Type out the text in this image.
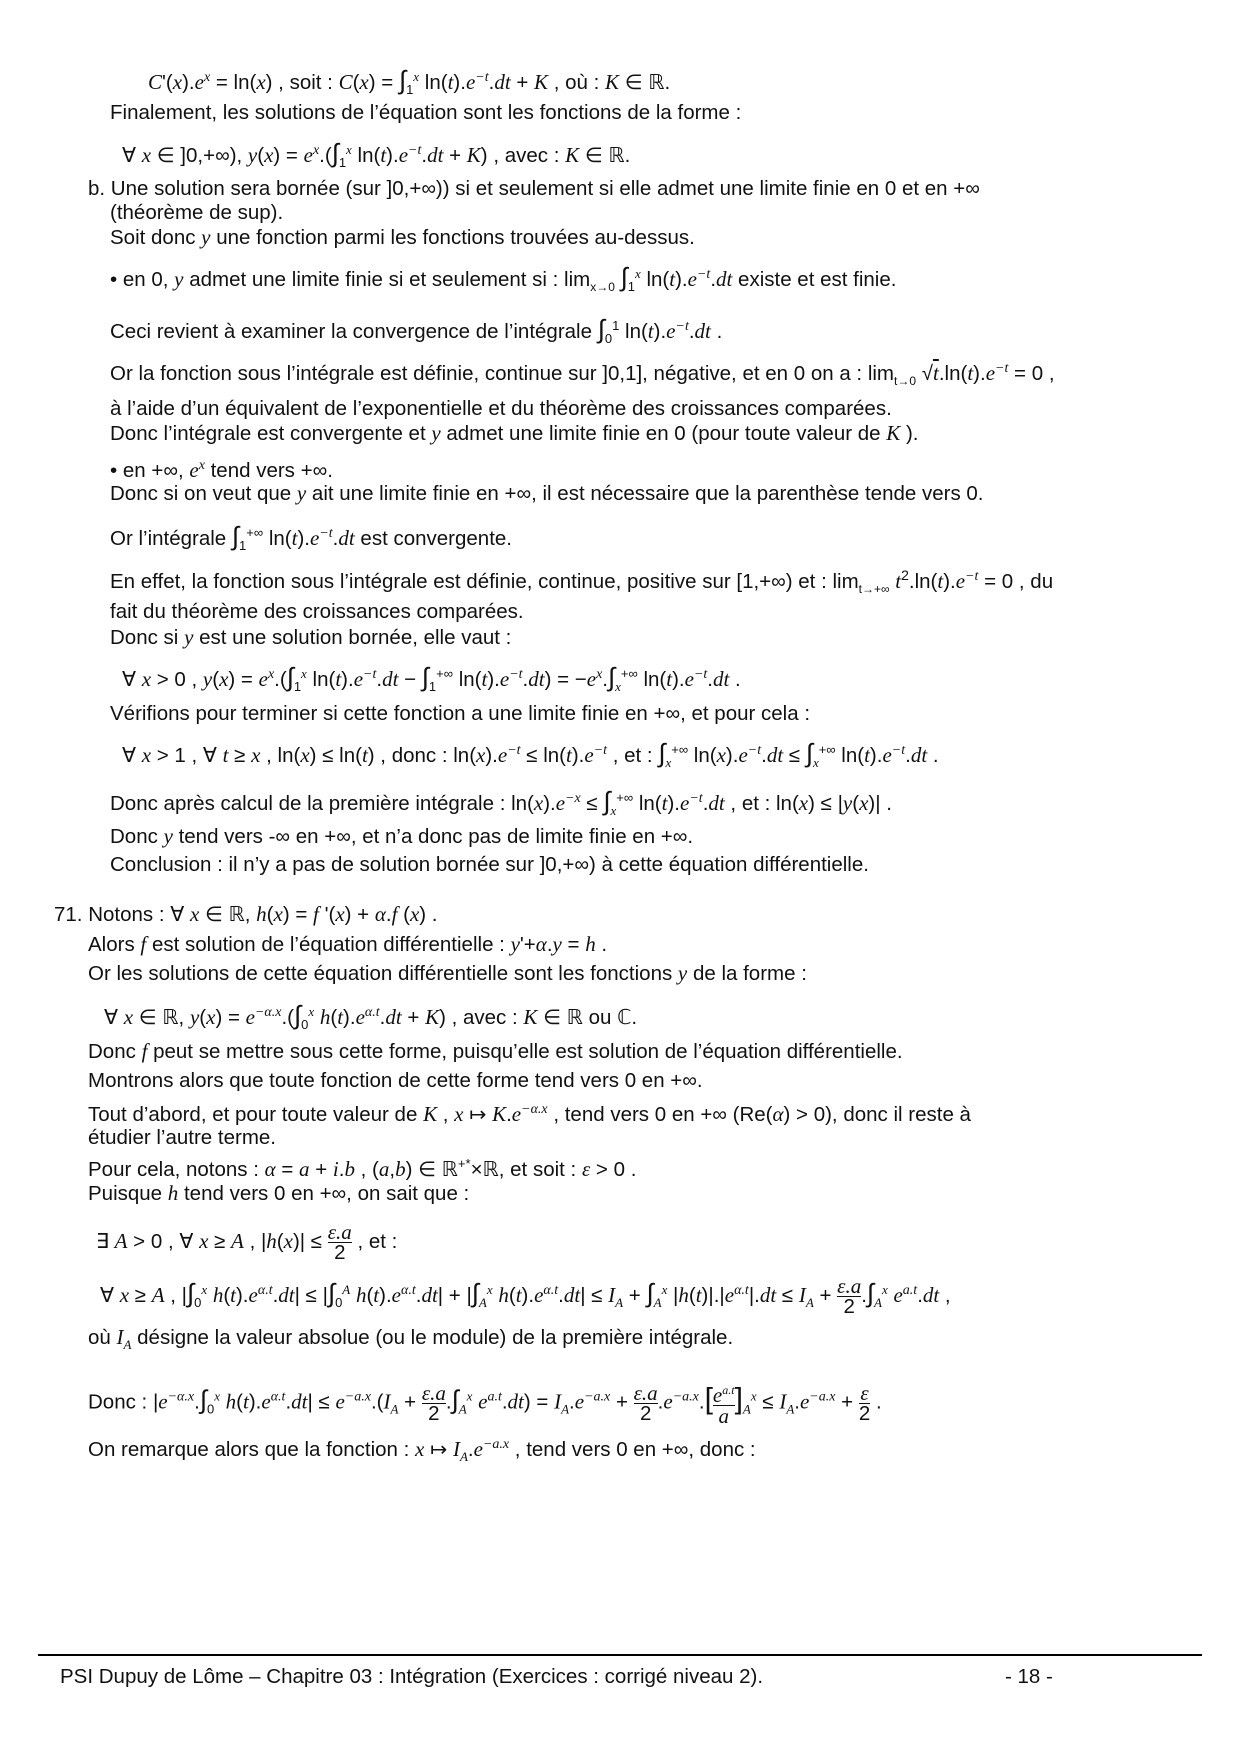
$C'(x).e^x = \ln(x)$ , soit : $C(x) = \int_1^x$ $\ln(t).e^{-t}.dt + K$ , où : K ∈ ℝ.
Finalement, les solutions de l’équation sont les fonctions de la forme :
∀ x ∈ ]0,+∞), $y(x) = e^x.(\int_1^x$ $\ln(t).e^{-t}.dt + K$) , avec : K ∈ ℝ.
b. Une solution sera bornée (sur ]0,+∞)) si et seulement si elle admet une limite finie en 0 et en +∞
(théorème de sup).
Soit donc y une fonction parmi les fonctions trouvées au-dessus.
• en 0, y admet une limite finie si et seulement si : $\lim_{x\to 0} \int_1^x$ $\ln(t).e^{-t}.dt$ existe et est finie.
Ceci revient à examiner la convergence de l’intégrale $\int_0^1$ $\ln(t).e^{-t}.dt$ .
Or la fonction sous l’intégrale est définie, continue sur ]0,1], négative, et en 0 on a : $\lim_{t\to 0} √t.\ln(t).e^{-t} = 0$ ,
à l’aide d’un équivalent de l’exponentielle et du théorème des croissances comparées.
Donc l’intégrale est convergente et y admet une limite finie en 0 (pour toute valeur de K ).
• en +∞, $e^x$ tend vers +∞.
Donc si on veut que y ait une limite finie en +∞, il est nécessaire que la parenthèse tende vers 0.
Or l’intégrale $\int_1^{+\infty}$ $\ln(t).e^{-t}.dt$ est convergente.
En effet, la fonction sous l’intégrale est définie, continue, positive sur [1,+∞) et : $\lim_{t\to+\infty} t^2.\ln(t).e^{-t} = 0$ , du
fait du théorème des croissances comparées.
Donc si y est une solution bornée, elle vaut :
∀ x > 0 , $y(x) = e^x.(\int_1^x$ $\ln(t).e^{-t}.dt - \int_1^{+\infty}$ $\ln(t).e^{-t}.dt) = -e^x.\int_x^{+\infty}$ $\ln(t).e^{-t}.dt$ .
Vérifions pour terminer si cette fonction a une limite finie en +∞, et pour cela :
∀ x > 1 , ∀ t ≥ x , ln(x) ≤ ln(t) , donc : $\ln(x).e^{-t} \le \ln(t).e^{-t}$ , et : $\int_x^{+\infty}$ $\ln(x).e^{-t}.dt \le \int_x^{+\infty}$ $\ln(t).e^{-t}.dt$ .
Donc après calcul de la première intégrale : $\ln(x).e^{-x} \le \int_x^{+\infty}$ $\ln(t).e^{-t}.dt$ , et : ln(x) ≤ |y(x)| .
Donc y tend vers -∞ en +∞, et n’a donc pas de limite finie en +∞.
Conclusion : il n’y a pas de solution bornée sur ]0,+∞) à cette équation différentielle.
71. Notons : ∀ x ∈ ℝ, h(x) = f '(x) + α.f (x) .
Alors f est solution de l’équation différentielle : y'+α.y = h .
Or les solutions de cette équation différentielle sont les fonctions y de la forme :
∀ x ∈ ℝ, $y(x) = e^{-\alpha.x}.(\int_0^x$ $h(t).e^{\alpha.t}.dt + K$) , avec : K ∈ ℝ ou ℂ.
Donc f peut se mettre sous cette forme, puisqu’elle est solution de l’équation différentielle.
Montrons alors que toute fonction de cette forme tend vers 0 en +∞.
Tout d’abord, et pour toute valeur de K , x ↦ $K.e^{-\alpha.x}$ , tend vers 0 en +∞ (Re(α) > 0), donc il reste à
étudier l’autre terme.
Pour cela, notons : α = a + i.b , (a,b) ∈ ℝ+*×ℝ, et soit : ε > 0 .
Puisque h tend vers 0 en +∞, on sait que :
∃ A > 0 , ∀ x ≥ A , $|h(x)| \le \frac{\varepsilon.a}{2}$ , et :
∀ x ≥ A , $|\int_0^x$ $h(t).e^{\alpha.t}.dt| \le |\int_0^A$ $h(t).e^{\alpha.t}.dt| + |\int_A^x$ $h(t).e^{\alpha.t}.dt| \le I_A + \int_A^x$ $|h(t)|.|e^{\alpha.t}|.dt \le I_A + \frac{\varepsilon.a}{2} .\int_A^x$ $e^{a.t}.dt$ ,
où $I_A$ désigne la valeur absolue (ou le module) de la première intégrale.
Donc : $|e^{-\alpha.x}.\int_0^x$ $h(t).e^{\alpha.t}.dt| \le e^{-a.x}.(I_A + \frac{\varepsilon.a}{2} .\int_A^x$ $e^{a.t}.dt) = I_A.e^{-a.x} + \frac{\varepsilon.a}{2} .e^{-a.x}.[ \frac{e^{a.t}}{a} ]_A^x \le I_A.e^{-a.x} + \frac{\varepsilon}{2}$ .
On remarque alors que la fonction : x ↦ $I_A.e^{-a.x}$ , tend vers 0 en +∞, donc :
PSI Dupuy de Lôme – Chapitre 03 : Intégration (Exercices : corrigé niveau 2).	- 18 -
